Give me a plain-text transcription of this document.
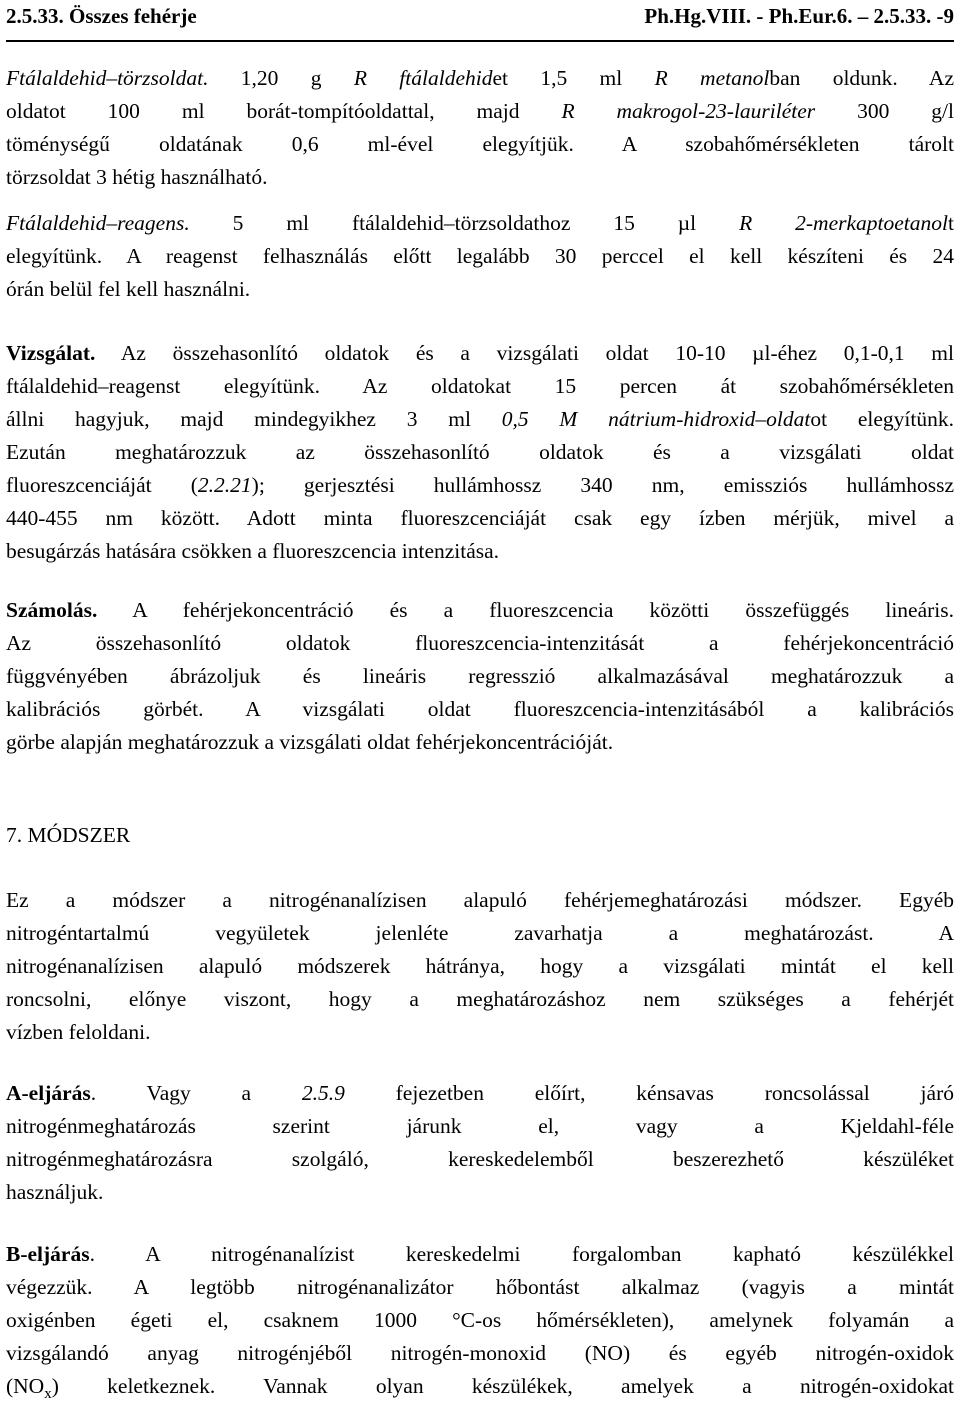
2.5.33. Összes fehérje	Ph.Hg.VIII. - Ph.Eur.6. – 2.5.33. -9

Ftálaldehid–törzsoldat. 1,20 g R ftálaldehidet 1,5 ml R metanolban oldunk. Az
oldatot 100 ml borát-tompítóoldattal, majd R makrogol-23-lauriléter 300 g/l
töménységű oldatának 0,6 ml-ével elegyítjük. A szobahőmérsékleten tárolt
törzsoldat 3 hétig használható.

Ftálaldehid–reagens. 5 ml ftálaldehid–törzsoldathoz 15 µl R 2-merkaptoetanolt
elegyítünk. A reagenst felhasználás előtt legalább 30 perccel el kell készíteni és 24
órán belül fel kell használni.

Vizsgálat. Az összehasonlító oldatok és a vizsgálati oldat 10-10 µl-éhez 0,1-0,1 ml
ftálaldehid–reagenst elegyítünk. Az oldatokat 15 percen át szobahőmérsékleten
állni hagyjuk, majd mindegyikhez 3 ml 0,5 M nátrium-hidroxid–oldatot elegyítünk.
Ezután meghatározzuk az összehasonlító oldatok és a vizsgálati oldat
fluoreszcenciáját (2.2.21); gerjesztési hullámhossz 340 nm, emissziós hullámhossz
440-455 nm között. Adott minta fluoreszcenciáját csak egy ízben mérjük, mivel a
besugárzás hatására csökken a fluoreszcencia intenzitása.

Számolás. A fehérjekoncentráció és a fluoreszcencia közötti összefüggés lineáris.
Az összehasonlító oldatok fluoreszcencia-intenzitását a fehérjekoncentráció
függvényében ábrázoljuk és lineáris regresszió alkalmazásával meghatározzuk a
kalibrációs görbét. A vizsgálati oldat fluoreszcencia-intenzitásából a kalibrációs
görbe alapján meghatározzuk a vizsgálati oldat fehérjekoncentrációját.

7. MÓDSZER

Ez a módszer a nitrogénanalízisen alapuló fehérjemeghatározási módszer. Egyéb
nitrogéntartalmú vegyületek jelenléte zavarhatja a meghatározást. A
nitrogénanalízisen alapuló módszerek hátránya, hogy a vizsgálati mintát el kell
roncsolni, előnye viszont, hogy a meghatározáshoz nem szükséges a fehérjét
vízben feloldani.

A-eljárás. Vagy a 2.5.9 fejezetben előírt, kénsavas roncsolással járó
nitrogénmeghatározás szerint járunk el, vagy a Kjeldahl-féle
nitrogénmeghatározásra szolgáló, kereskedelemből beszerezhető készüléket
használjuk.

B-eljárás. A nitrogénanalízist kereskedelmi forgalomban kapható készülékkel
végezzük. A legtöbb nitrogénanalizátor hőbontást alkalmaz (vagyis a mintát
oxigénben égeti el, csaknem 1000 °C-os hőmérsékleten), amelynek folyamán a
vizsgálandó anyag nitrogénjéből nitrogén-monoxid (NO) és egyéb nitrogén-oxidok
$(NO_x)$ keletkeznek. Vannak olyan készülékek, amelyek a nitrogén-oxidokat
